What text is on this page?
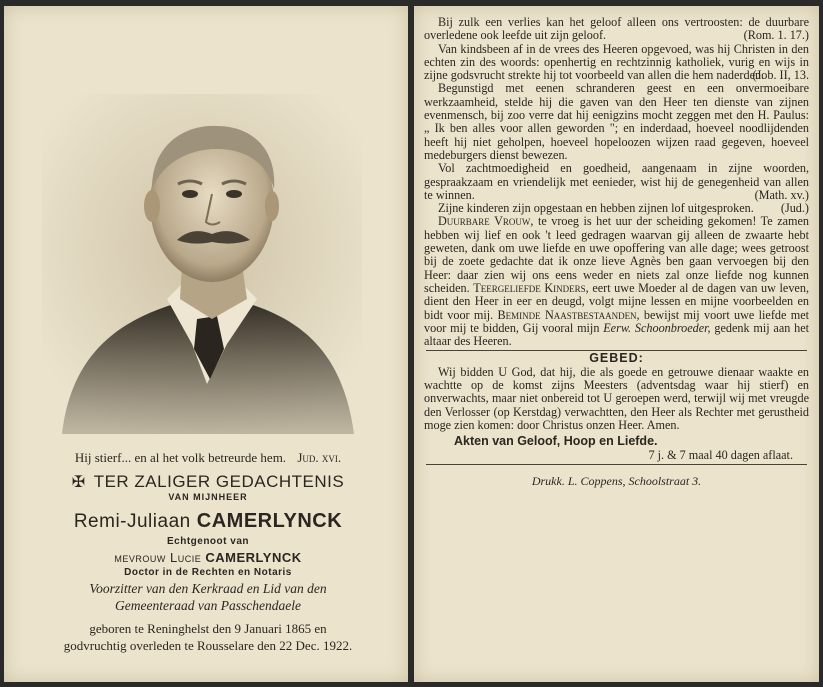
Hij stierf... en al het volk betreurde hem. Jud. xvi.
✠ TER ZALIGER GEDACHTENIS
VAN MIJNHEER
Remi-Juliaan CAMERLYNCK
Echtgenoot van
mevrouw Lucie CAMERLYNCK
Doctor in de Rechten en Notaris
Voorzitter van den Kerkraad en Lid van den
Gemeenteraad van Passchendaele
geboren te Reninghelst den 9 Januari 1865 en
godvruchtig overleden te Rousselare den 22 Dec. 1922.

Bij zulk een verlies kan het geloof alleen ons vertroosten: de duurbare overledene ook leefde uit zijn geloof.	(Rom. 1. 17.)

Van kindsbeen af in de vrees des Heeren opgevoed, was hij Christen in den echten zin des woords: openhertig en rechtzinnig katholiek, vurig en wijs in zijne godsvrucht strekte hij tot voorbeeld van allen die hem naderden.

(Job. II, 13.

Begunstigd met eenen schranderen geest en een onvermoeibare werkzaamheid, stelde hij die gaven van den Heer ten dienste van zijnen evenmensch, bij zoo verre dat hij eenigzins mocht zeggen met den H. Paulus: „ Ik ben alles voor allen geworden "; en inderdaad, hoeveel noodlijdenden heeft hij niet geholpen, hoeveel hopeloozen wijzen raad gegeven, hoeveel medeburgers dienst bewezen.

Vol zachtmoedigheid en goedheid, aangenaam in zijne woorden, gespraakzaam en vriendelijk met eenieder, wist hij de genegenheid van allen te winnen.	(Math. xv.)

Zijne kinderen zijn opgestaan en hebben zijnen lof uitgesproken.	(Jud.)

Duurbare Vrouw, te vroeg is het uur der scheiding gekomen! Te zamen hebben wij lief en ook 't leed gedragen waarvan gij alleen de zwaarte hebt geweten, dank om uwe liefde en uwe opoffering van alle dage; wees getroost bij de zoete gedachte dat ik onze lieve Agnès ben gaan vervoegen bij den Heer: daar zien wij ons eens weder en niets zal onze liefde nog kunnen scheiden. Teergeliefde Kinders, eert uwe Moeder al de dagen van uw leven, dient den Heer in eer en deugd, volgt mijne lessen en mijne voorbeelden en bidt voor mij. Beminde Naastbestaanden, bewijst mij voort uwe liefde met voor mij te bidden, Gij vooral mijn Eerw. Schoonbroeder, gedenk mij aan het altaar des Heeren.

GEBED:

Wij bidden U God, dat hij, die als goede en getrouwe dienaar waakte en wachtte op de komst zijns Meesters (adventsdag waar hij stierf) en onverwachts, maar niet onbereid tot U geroepen werd, terwijl wij met vreugde den Verlosser (op Kerstdag) verwachtten, den Heer als Rechter met gerustheid moge zien komen: door Christus onzen Heer. Amen.

Akten van Geloof, Hoop en Liefde.
7 j. & 7 maal 40 dagen aflaat.
Drukk. L. Coppens, Schoolstraat 3.
